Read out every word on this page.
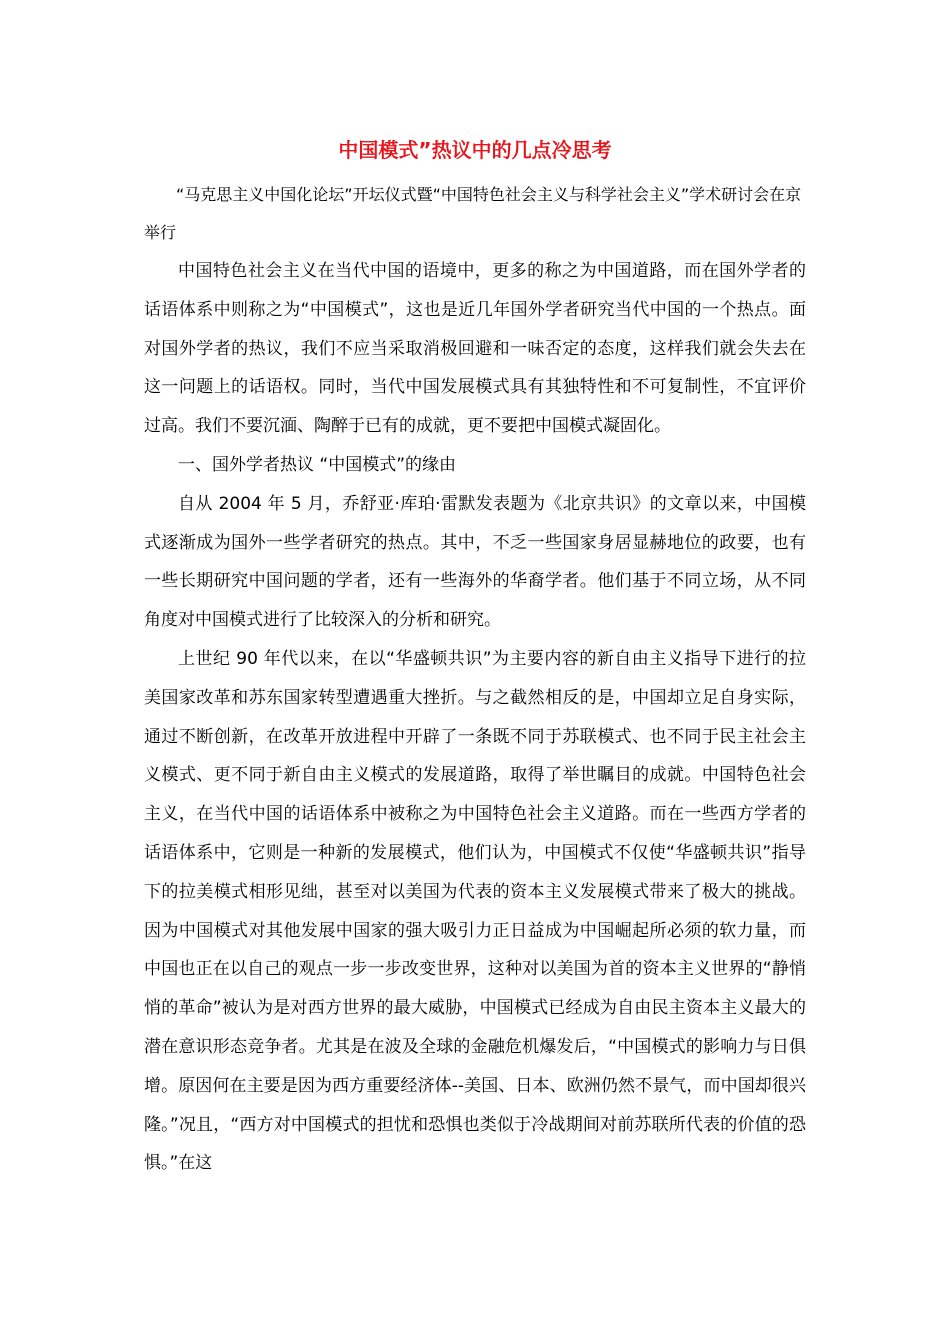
中国模式”热议中的几点冷思考

“马克思主义中国化论坛”开坛仪式暨“中国特色社会主义与科学社会主义”学术研讨会在京举行

中国特色社会主义在当代中国的语境中，更多的称之为中国道路，而在国外学者的话语体系中则称之为“中国模式”，这也是近几年国外学者研究当代中国的一个热点。面对国外学者的热议，我们不应当采取消极回避和一味否定的态度，这样我们就会失去在这一问题上的话语权。同时，当代中国发展模式具有其独特性和不可复制性，不宜评价过高。我们不要沉湎、陶醉于已有的成就，更不要把中国模式凝固化。

一、国外学者热议 “中国模式”的缘由

自从 2004 年 5 月，乔舒亚·库珀·雷默发表题为《北京共识》的文章以来，中国模式逐渐成为国外一些学者研究的热点。其中，不乏一些国家身居显赫地位的政要，也有一些长期研究中国问题的学者，还有一些海外的华裔学者。他们基于不同立场，从不同角度对中国模式进行了比较深入的分析和研究。

上世纪 90 年代以来，在以“华盛顿共识”为主要内容的新自由主义指导下进行的拉美国家改革和苏东国家转型遭遇重大挫折。与之截然相反的是，中国却立足自身实际，通过不断创新，在改革开放进程中开辟了一条既不同于苏联模式、也不同于民主社会主义模式、更不同于新自由主义模式的发展道路，取得了举世瞩目的成就。中国特色社会主义，在当代中国的话语体系中被称之为中国特色社会主义道路。而在一些西方学者的话语体系中，它则是一种新的发展模式，他们认为，中国模式不仅使“华盛顿共识”指导下的拉美模式相形见绌，甚至对以美国为代表的资本主义发展模式带来了极大的挑战。因为中国模式对其他发展中国家的强大吸引力正日益成为中国崛起所必须的软力量，而中国也正在以自己的观点一步一步改变世界，这种对以美国为首的资本主义世界的“静悄悄的革命”被认为是对西方世界的最大威胁，中国模式已经成为自由民主资本主义最大的潜在意识形态竞争者。尤其是在波及全球的金融危机爆发后，“中国模式的影响力与日俱增。原因何在主要是因为西方重要经济体--美国、日本、欧洲仍然不景气，而中国却很兴隆。”况且，“西方对中国模式的担忧和恐惧也类似于冷战期间对前苏联所代表的价值的恐惧。”在这
